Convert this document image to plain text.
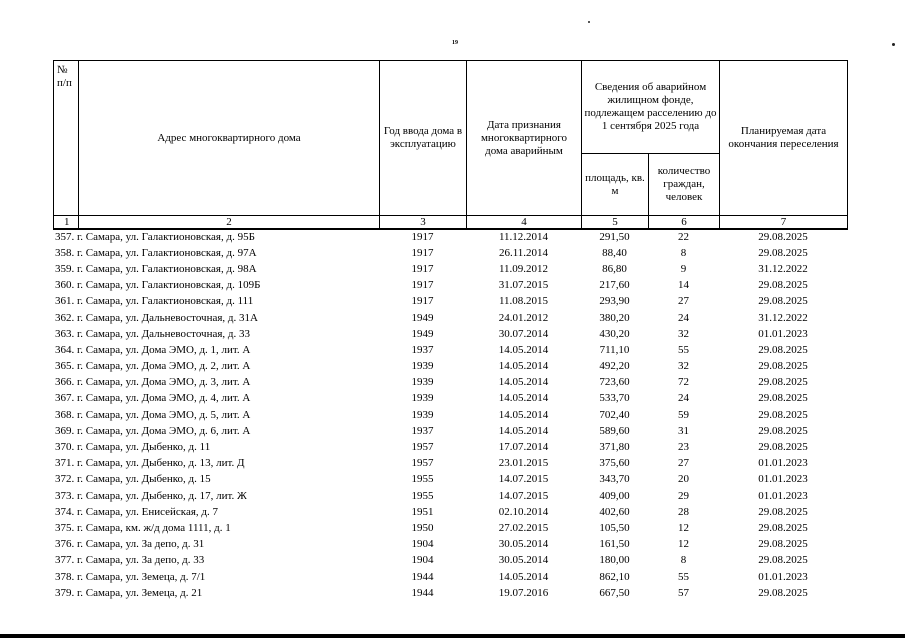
19
№ п/п	Адрес многоквартирного дома	Год ввода дома в эксплуатацию	Дата признания многоквартирного дома аварийным	Сведения об аварийном жилищном фонде, подлежащем расселению до 1 сентября 2025 года		Планируемая дата окончания переселения
				площадь, кв. м	количество граждан, человек	
1	2	3	4	5	6	7
357. г. Самара, ул. Галактионовская, д. 95Б	1917	11.12.2014	291,50	22	29.08.2025
358. г. Самара, ул. Галактионовская, д. 97А	1917	26.11.2014	88,40	8	29.08.2025
359. г. Самара, ул. Галактионовская, д. 98А	1917	11.09.2012	86,80	9	31.12.2022
360. г. Самара, ул. Галактионовская, д. 109Б	1917	31.07.2015	217,60	14	29.08.2025
361. г. Самара, ул. Галактионовская, д. 111	1917	11.08.2015	293,90	27	29.08.2025
362. г. Самара, ул. Дальневосточная, д. 31А	1949	24.01.2012	380,20	24	31.12.2022
363. г. Самара, ул. Дальневосточная, д. 33	1949	30.07.2014	430,20	32	01.01.2023
364. г. Самара, ул. Дома ЭМО, д. 1, лит. А	1937	14.05.2014	711,10	55	29.08.2025
365. г. Самара, ул. Дома ЭМО, д. 2, лит. А	1939	14.05.2014	492,20	32	29.08.2025
366. г. Самара, ул. Дома ЭМО, д. 3, лит. А	1939	14.05.2014	723,60	72	29.08.2025
367. г. Самара, ул. Дома ЭМО, д. 4, лит. А	1939	14.05.2014	533,70	24	29.08.2025
368. г. Самара, ул. Дома ЭМО, д. 5, лит. А	1939	14.05.2014	702,40	59	29.08.2025
369. г. Самара, ул. Дома ЭМО, д. 6, лит. А	1937	14.05.2014	589,60	31	29.08.2025
370. г. Самара, ул. Дыбенко, д. 11	1957	17.07.2014	371,80	23	29.08.2025
371. г. Самара, ул. Дыбенко, д. 13, лит. Д	1957	23.01.2015	375,60	27	01.01.2023
372. г. Самара, ул. Дыбенко, д. 15	1955	14.07.2015	343,70	20	01.01.2023
373. г. Самара, ул. Дыбенко, д. 17, лит. Ж	1955	14.07.2015	409,00	29	01.01.2023
374. г. Самара, ул. Енисейская, д. 7	1951	02.10.2014	402,60	28	29.08.2025
375. г. Самара, км. ж/д дома 1111, д. 1	1950	27.02.2015	105,50	12	29.08.2025
376. г. Самара, ул. За депо, д. 31	1904	30.05.2014	161,50	12	29.08.2025
377. г. Самара, ул. За депо, д. 33	1904	30.05.2014	180,00	8	29.08.2025
378. г. Самара, ул. Земеца, д. 7/1	1944	14.05.2014	862,10	55	01.01.2023
379. г. Самара, ул. Земеца, д. 21	1944	19.07.2016	667,50	57	29.08.2025
